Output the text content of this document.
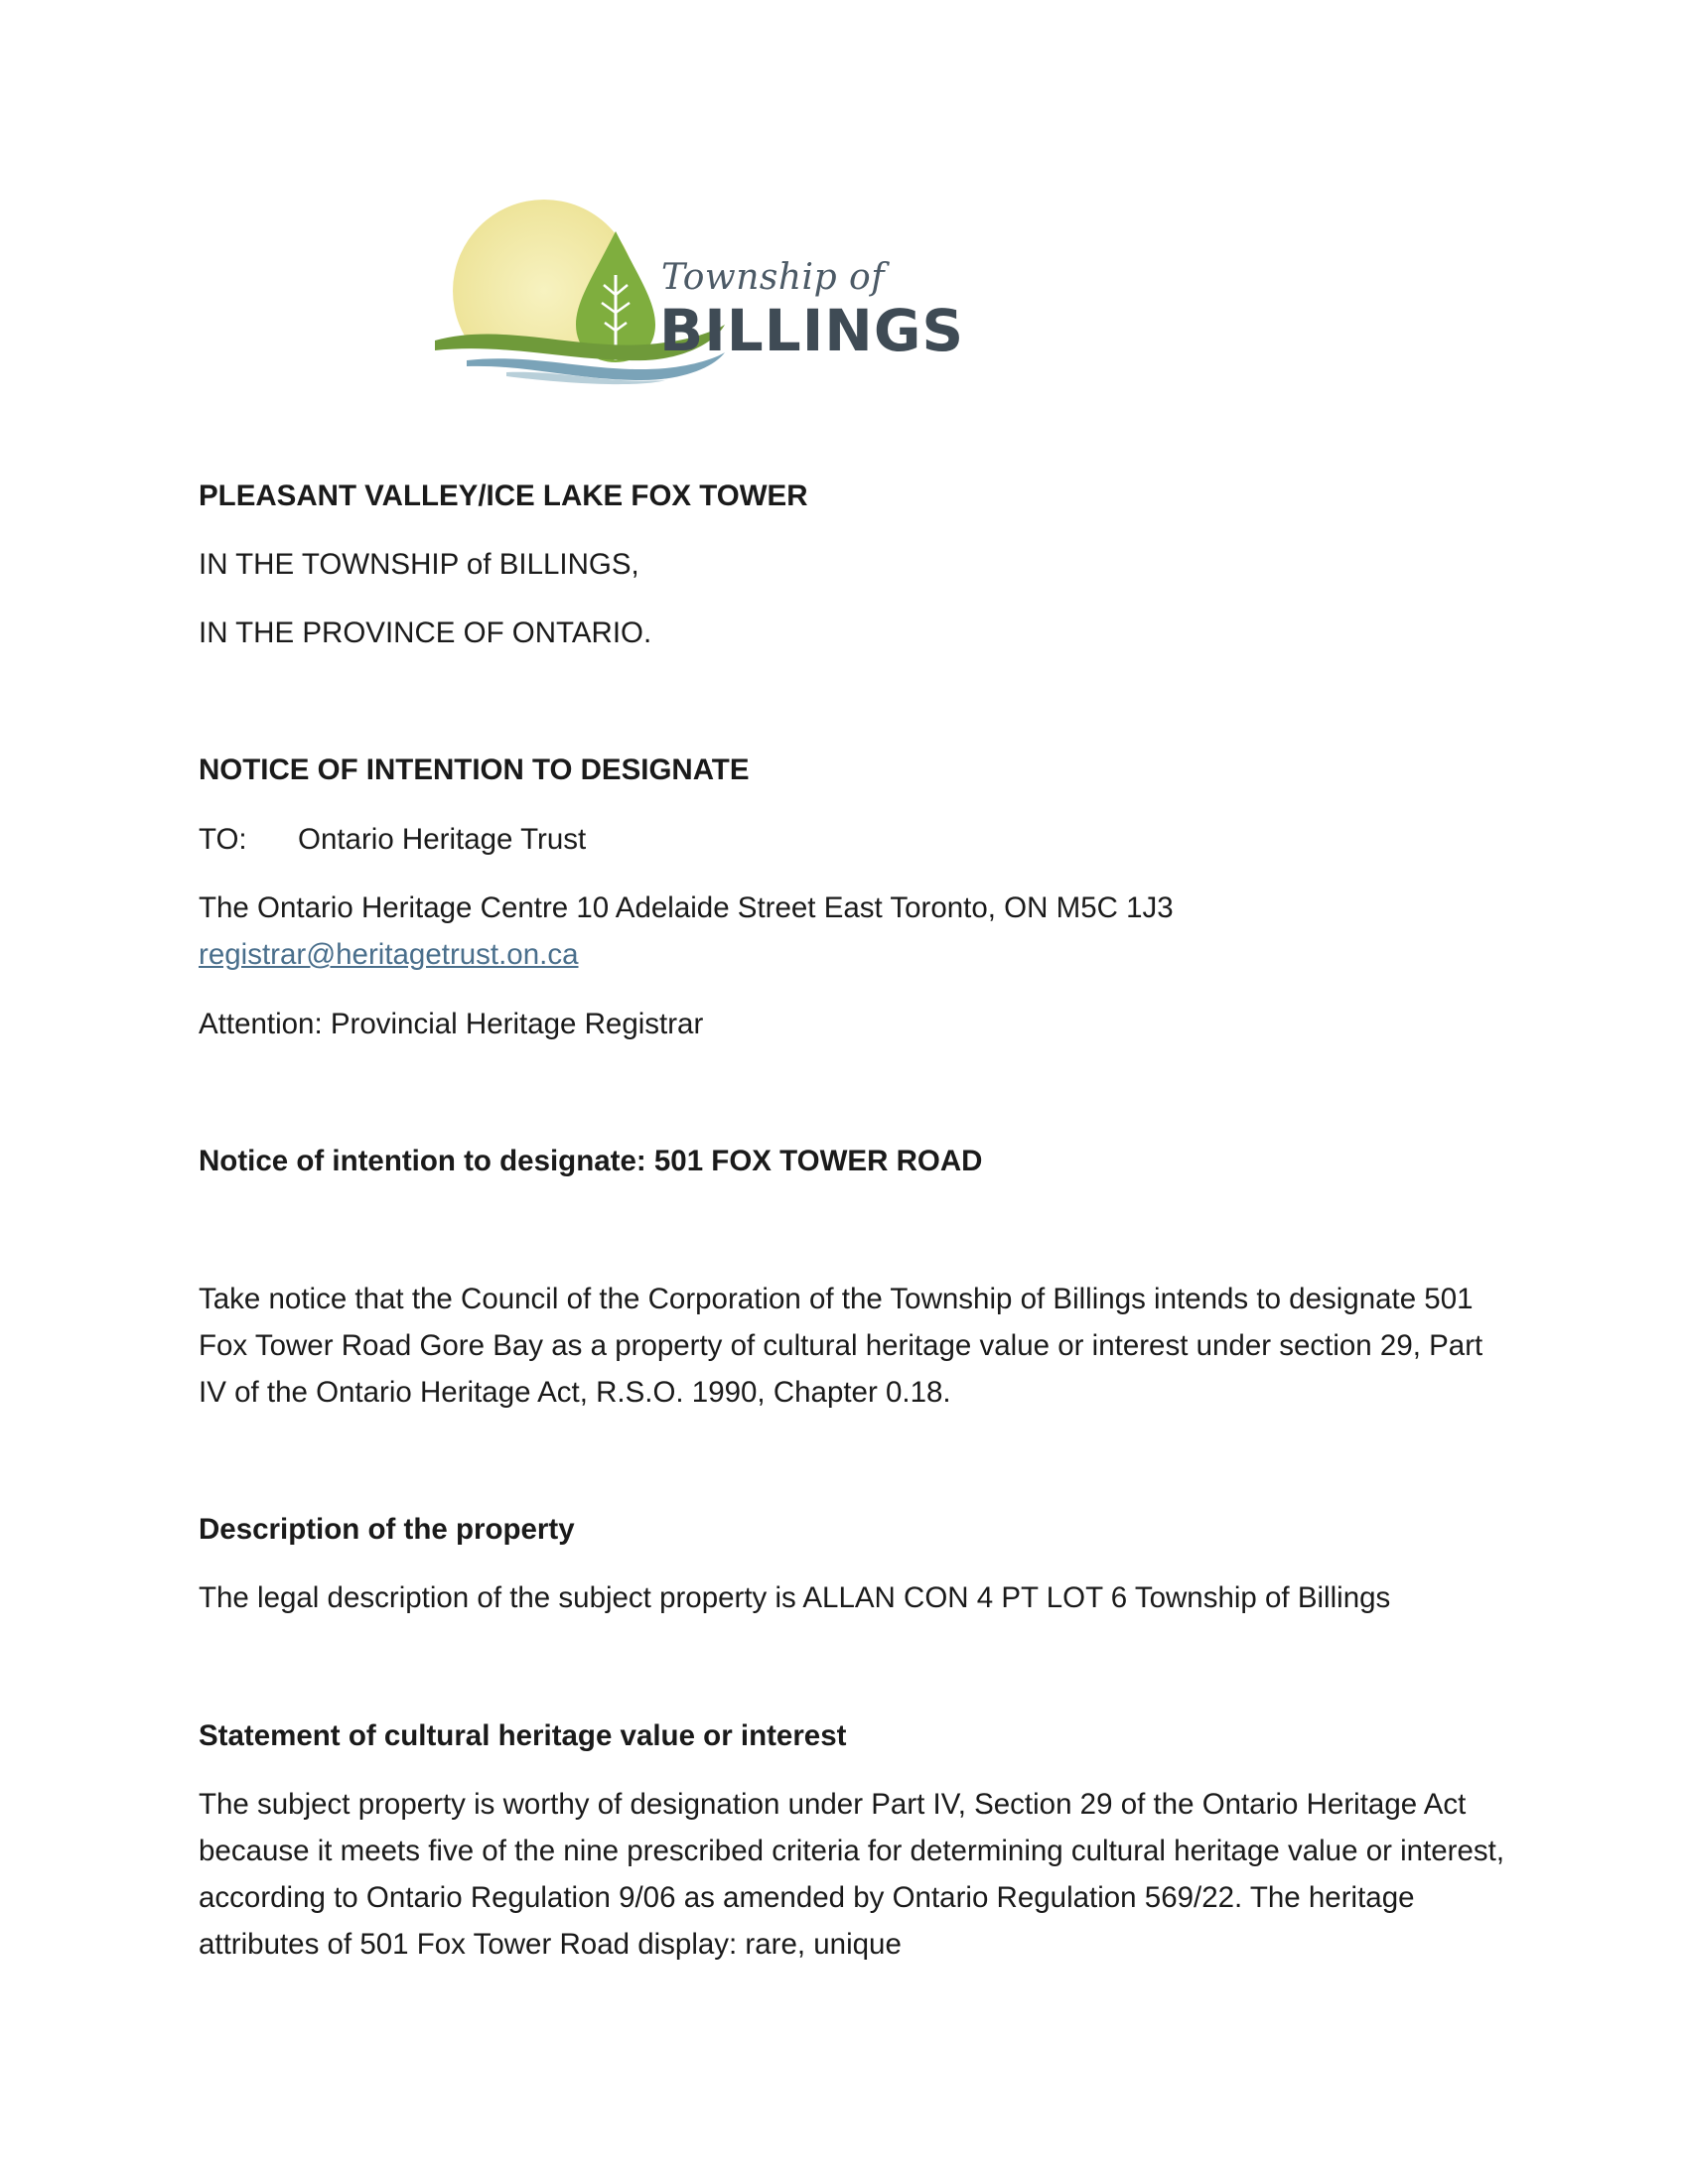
Township of
BILLINGS

PLEASANT VALLEY/ICE LAKE FOX TOWER

IN THE TOWNSHIP of BILLINGS,

IN THE PROVINCE OF ONTARIO.

NOTICE OF INTENTION TO DESIGNATE

TO: Ontario Heritage Trust

The Ontario Heritage Centre 10 Adelaide Street East Toronto, ON M5C 1J3

registrar@heritagetrust.on.ca

Attention: Provincial Heritage Registrar

Notice of intention to designate: 501 FOX TOWER ROAD

Take notice that the Council of the Corporation of the Township of Billings intends to designate 501 Fox Tower Road Gore Bay as a property of cultural heritage value or interest under section 29, Part IV of the Ontario Heritage Act, R.S.O. 1990, Chapter 0.18.

Description of the property

The legal description of the subject property is ALLAN CON 4 PT LOT 6 Township of Billings

Statement of cultural heritage value or interest

The subject property is worthy of designation under Part IV, Section 29 of the Ontario Heritage Act because it meets five of the nine prescribed criteria for determining cultural heritage value or interest, according to Ontario Regulation 9/06 as amended by Ontario Regulation 569/22. The heritage attributes of 501 Fox Tower Road display: rare, unique
